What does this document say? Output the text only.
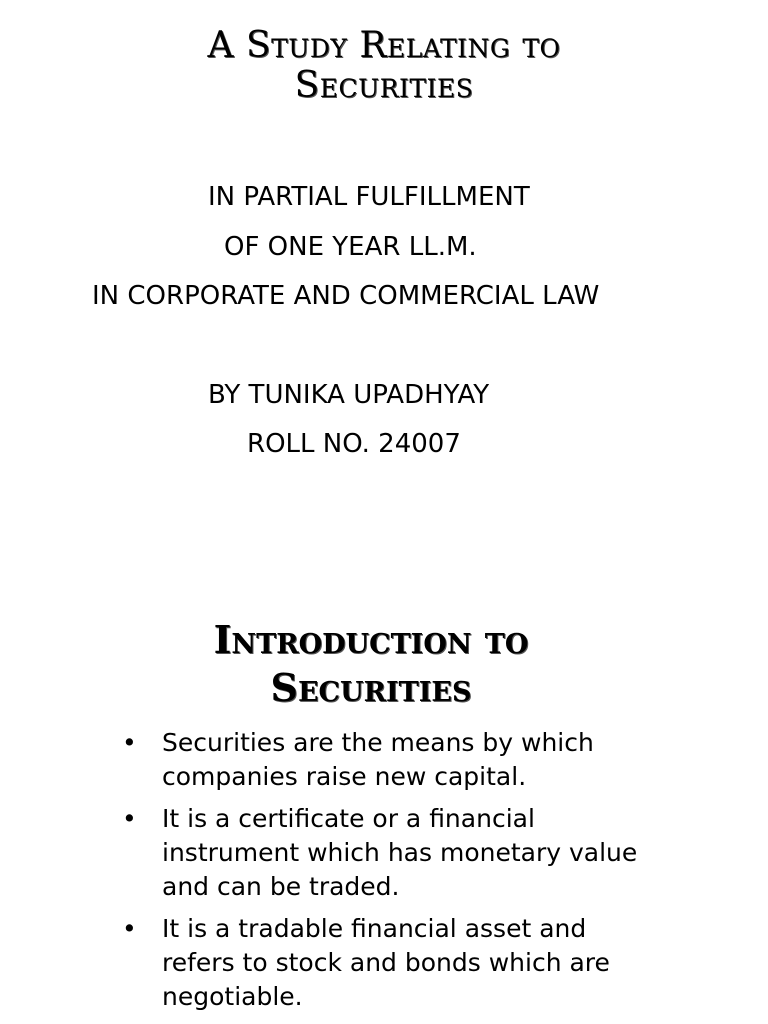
A Study Relating to
Securities
IN PARTIAL FULFILLMENT
OF ONE YEAR LL.M.
IN CORPORATE AND COMMERCIAL LAW
BY TUNIKA UPADHYAY
ROLL NO. 24007
Introduction to
Securities
• Securities are the means by which companies raise new capital.
• It is a certificate or a financial instrument which has monetary value and can be traded.
• It is a tradable financial asset and refers to stock and bonds which are negotiable.
